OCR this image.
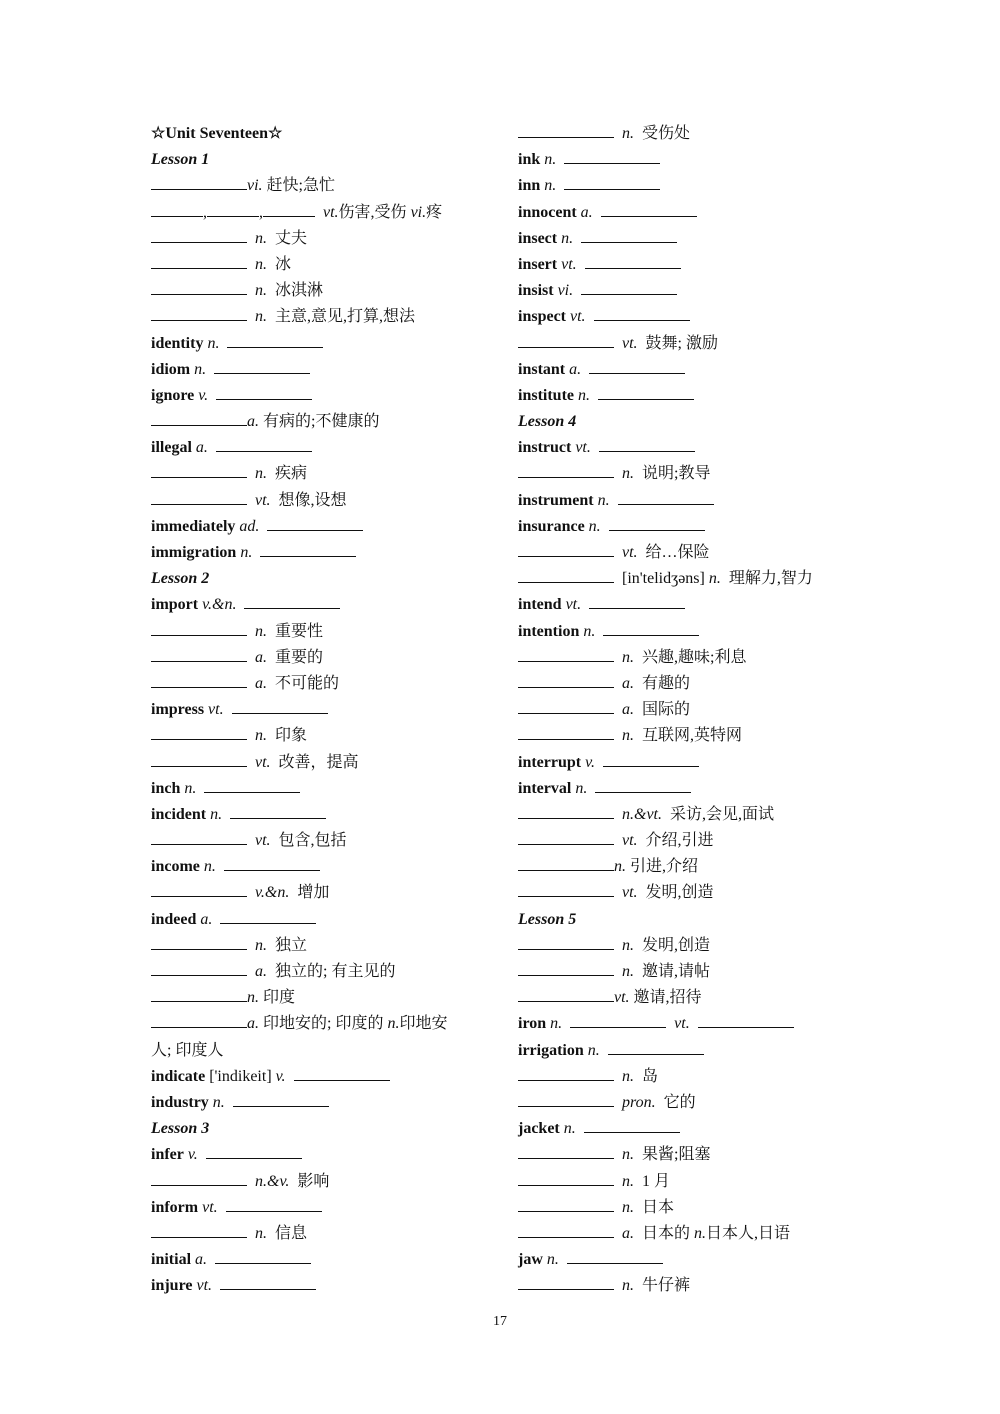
☆Unit Seventeen☆
Lesson 1
vi. 赶快;急忙
,	,	vt.伤害,受伤 vi.疼
n. 丈夫
n. 冰
n. 冰淇淋
n. 主意,意见,打算,想法
identity n.
idiom n.
ignore v.
a. 有病的;不健康的
illegal a.
n. 疾病
vt. 想像,设想
immediately ad.
immigration n.
Lesson 2
import v.&n.
n. 重要性
a. 重要的
a. 不可能的
impress vt.
n. 印象
vt. 改善，提高
inch n.
incident n.
vt. 包含,包括
income n.
v.&n. 增加
indeed a.
n. 独立
a. 独立的; 有主见的
n. 印度
a. 印地安的; 印度的 n.印地安
人; 印度人
indicate ['indikeit] v.
industry n.
Lesson 3
infer v.
n.&v. 影响
inform vt.
n. 信息
initial a.
injure vt.
n. 受伤处
ink n.
inn n.
innocent a.
insect n.
insert vt.
insist vi.
inspect vt.
vt. 鼓舞; 激励
instant a.
institute n.
Lesson 4
instruct vt.
n. 说明;教导
instrument n.
insurance n.
vt. 给…保险
[in'telidʒəns] n. 理解力,智力
intend vt.
intention n.
n. 兴趣,趣味;利息
a. 有趣的
a. 国际的
n. 互联网,英特网
interrupt v.
interval n.
n.&vt. 采访,会见,面试
vt. 介绍,引进
n. 引进,介绍
vt. 发明,创造
Lesson 5
n. 发明,创造
n. 邀请,请帖
vt. 邀请,招待
iron n.	vt.
irrigation n.
n. 岛
pron. 它的
jacket n.
n. 果酱;阻塞
n. 1 月
n. 日本
a. 日本的 n.日本人,日语
jaw n.
n. 牛仔裤
17
